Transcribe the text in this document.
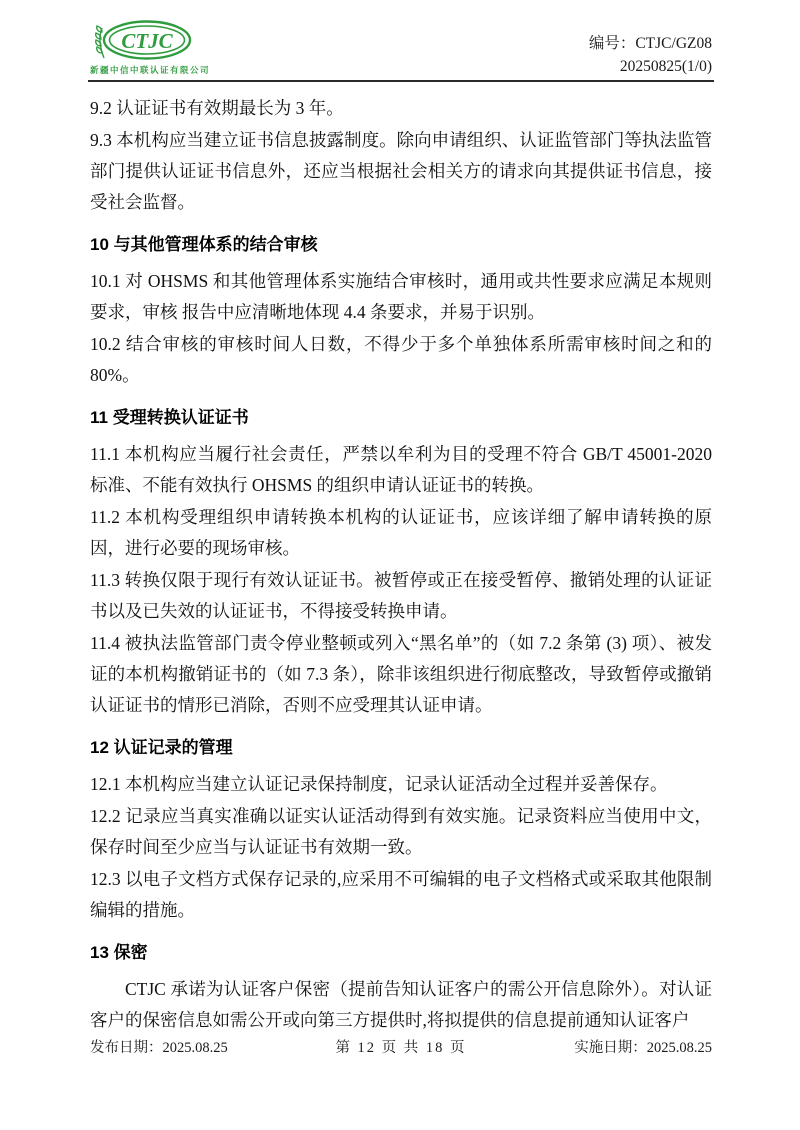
CTJC
新疆中信中联认证有限公司
编号：CTJC/GZ08
20250825(1/0)

9.2 认证证书有效期最长为 3 年。

9.3 本机构应当建立证书信息披露制度。除向申请组织、认证监管部门等执法监管部门提供认证证书信息外，还应当根据社会相关方的请求向其提供证书信息，接受社会监督。

10 与其他管理体系的结合审核

10.1 对 OHSMS 和其他管理体系实施结合审核时，通用或共性要求应满足本规则要求，审核 报告中应清晰地体现 4.4 条要求，并易于识别。

10.2 结合审核的审核时间人日数，不得少于多个单独体系所需审核时间之和的 80%。

11 受理转换认证证书

11.1 本机构应当履行社会责任，严禁以牟利为目的受理不符合 GB/T 45001-2020 标准、不能有效执行 OHSMS 的组织申请认证证书的转换。

11.2 本机构受理组织申请转换本机构的认证证书，应该详细了解申请转换的原因，进行必要的现场审核。

11.3 转换仅限于现行有效认证证书。被暂停或正在接受暂停、撤销处理的认证证书以及已失效的认证证书，不得接受转换申请。

11.4 被执法监管部门责令停业整顿或列入“黑名单”的（如 7.2 条第 (3) 项）、被发证的本机构撤销证书的（如 7.3 条），除非该组织进行彻底整改，导致暂停或撤销认证证书的情形已消除，否则不应受理其认证申请。

12 认证记录的管理

12.1 本机构应当建立认证记录保持制度，记录认证活动全过程并妥善保存。

12.2 记录应当真实准确以证实认证活动得到有效实施。记录资料应当使用中文，保存时间至少应当与认证证书有效期一致。

12.3 以电子文档方式保存记录的,应采用不可编辑的电子文档格式或采取其他限制编辑的措施。

13 保密

CTJC 承诺为认证客户保密（提前告知认证客户的需公开信息除外）。对认证客户的保密信息如需公开或向第三方提供时,将拟提供的信息提前通知认证客户

发布日期：2025.08.25	第 12 页 共 18 页	实施日期：2025.08.25
